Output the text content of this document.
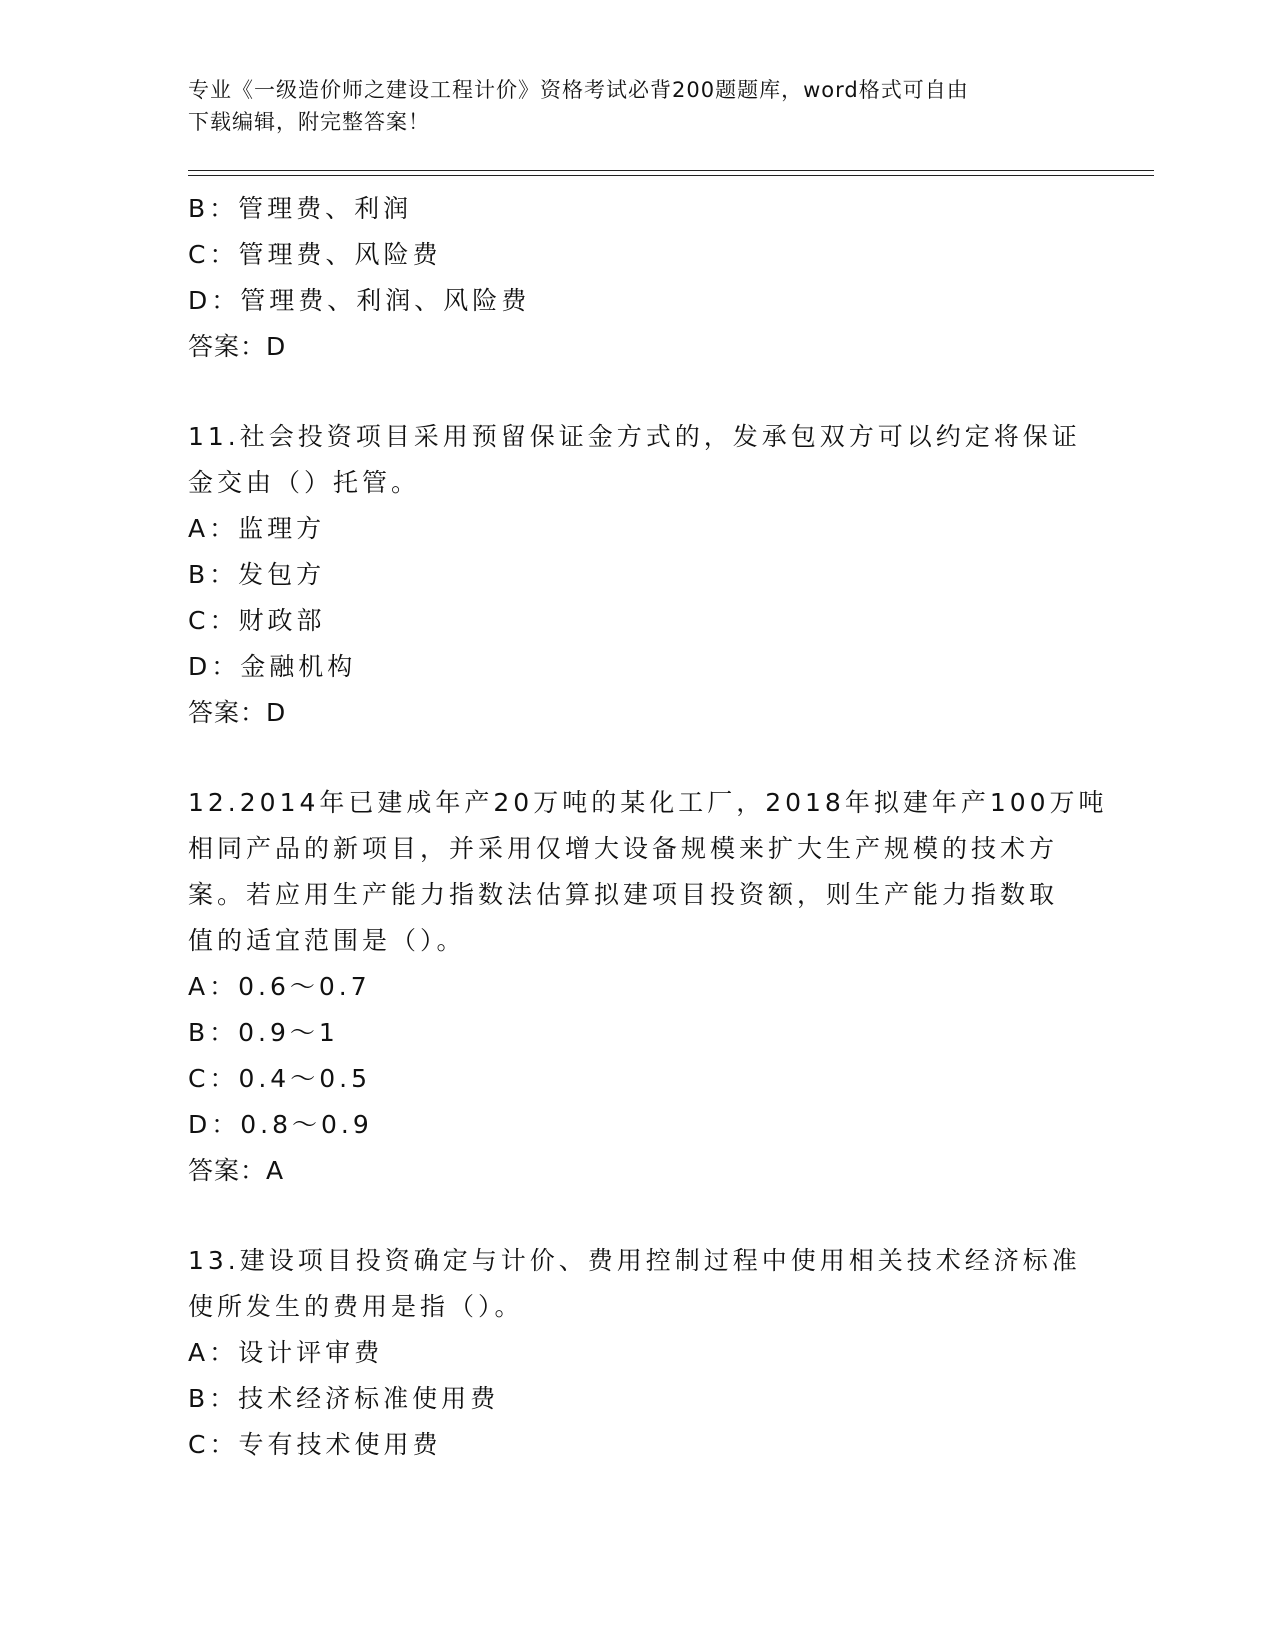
专业《一级造价师之建设工程计价》资格考试必背200题题库，word格式可自由
下载编辑，附完整答案！
B：管理费、利润
C：管理费、风险费
D：管理费、利润、风险费
答案：D
11.社会投资项目采用预留保证金方式的，发承包双方可以约定将保证
金交由（）托管。
A：监理方
B：发包方
C：财政部
D：金融机构
答案：D
12.2014年已建成年产20万吨的某化工厂，2018年拟建年产100万吨
相同产品的新项目，并采用仅增大设备规模来扩大生产规模的技术方
案。若应用生产能力指数法估算拟建项目投资额，则生产能力指数取
值的适宜范围是（）。
A：0.6～0.7
B：0.9～1
C：0.4～0.5
D：0.8～0.9
答案：A
13.建设项目投资确定与计价、费用控制过程中使用相关技术经济标准
使所发生的费用是指（）。
A：设计评审费
B：技术经济标准使用费
C：专有技术使用费
